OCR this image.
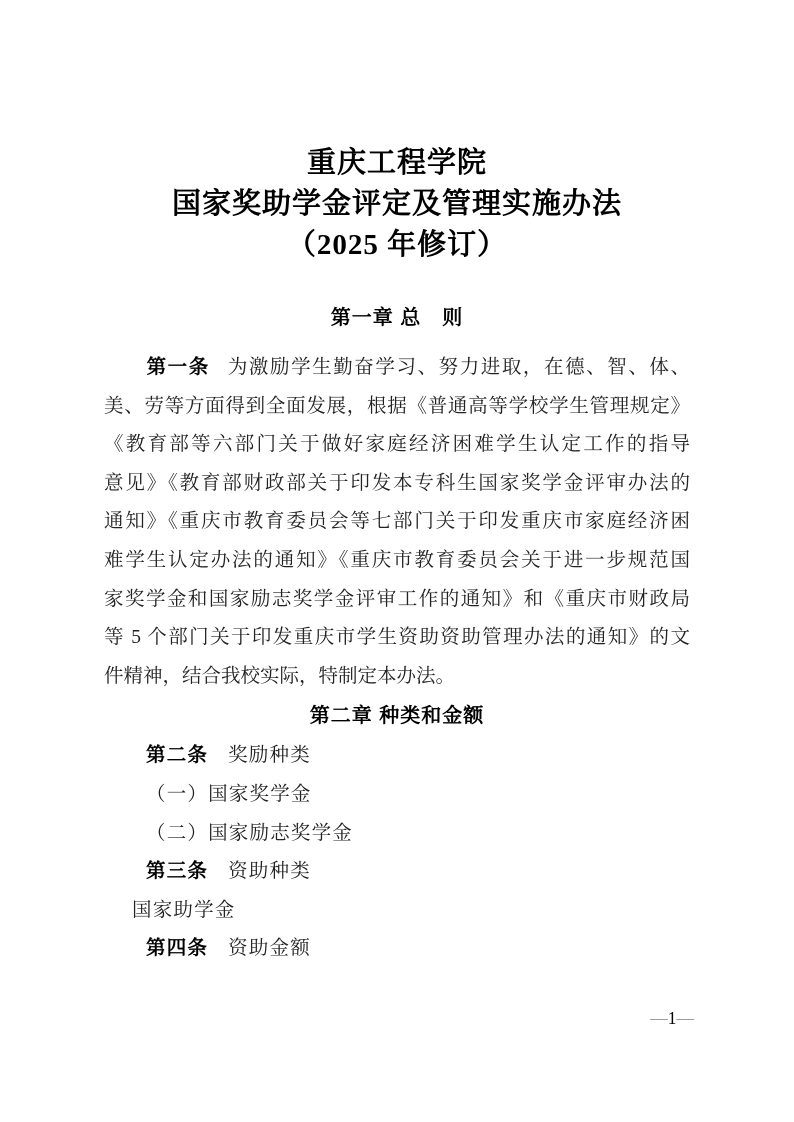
重庆工程学院
国家奖助学金评定及管理实施办法
（2025 年修订）
第一章 总　则
第一条 为激励学生勤奋学习、努力进取，在德、智、体、
美、劳等方面得到全面发展，根据《普通高等学校学生管理规定》
《教育部等六部门关于做好家庭经济困难学生认定工作的指导
意见》《教育部财政部关于印发本专科生国家奖学金评审办法的
通知》《重庆市教育委员会等七部门关于印发重庆市家庭经济困
难学生认定办法的通知》《重庆市教育委员会关于进一步规范国
家奖学金和国家励志奖学金评审工作的通知》和《重庆市财政局
等 5 个部门关于印发重庆市学生资助资助管理办法的通知》的文
件精神，结合我校实际，特制定本办法。
第二章 种类和金额
第二条 奖励种类
（一）国家奖学金
（二）国家励志奖学金
第三条 资助种类
国家助学金
第四条 资助金额
—1—
